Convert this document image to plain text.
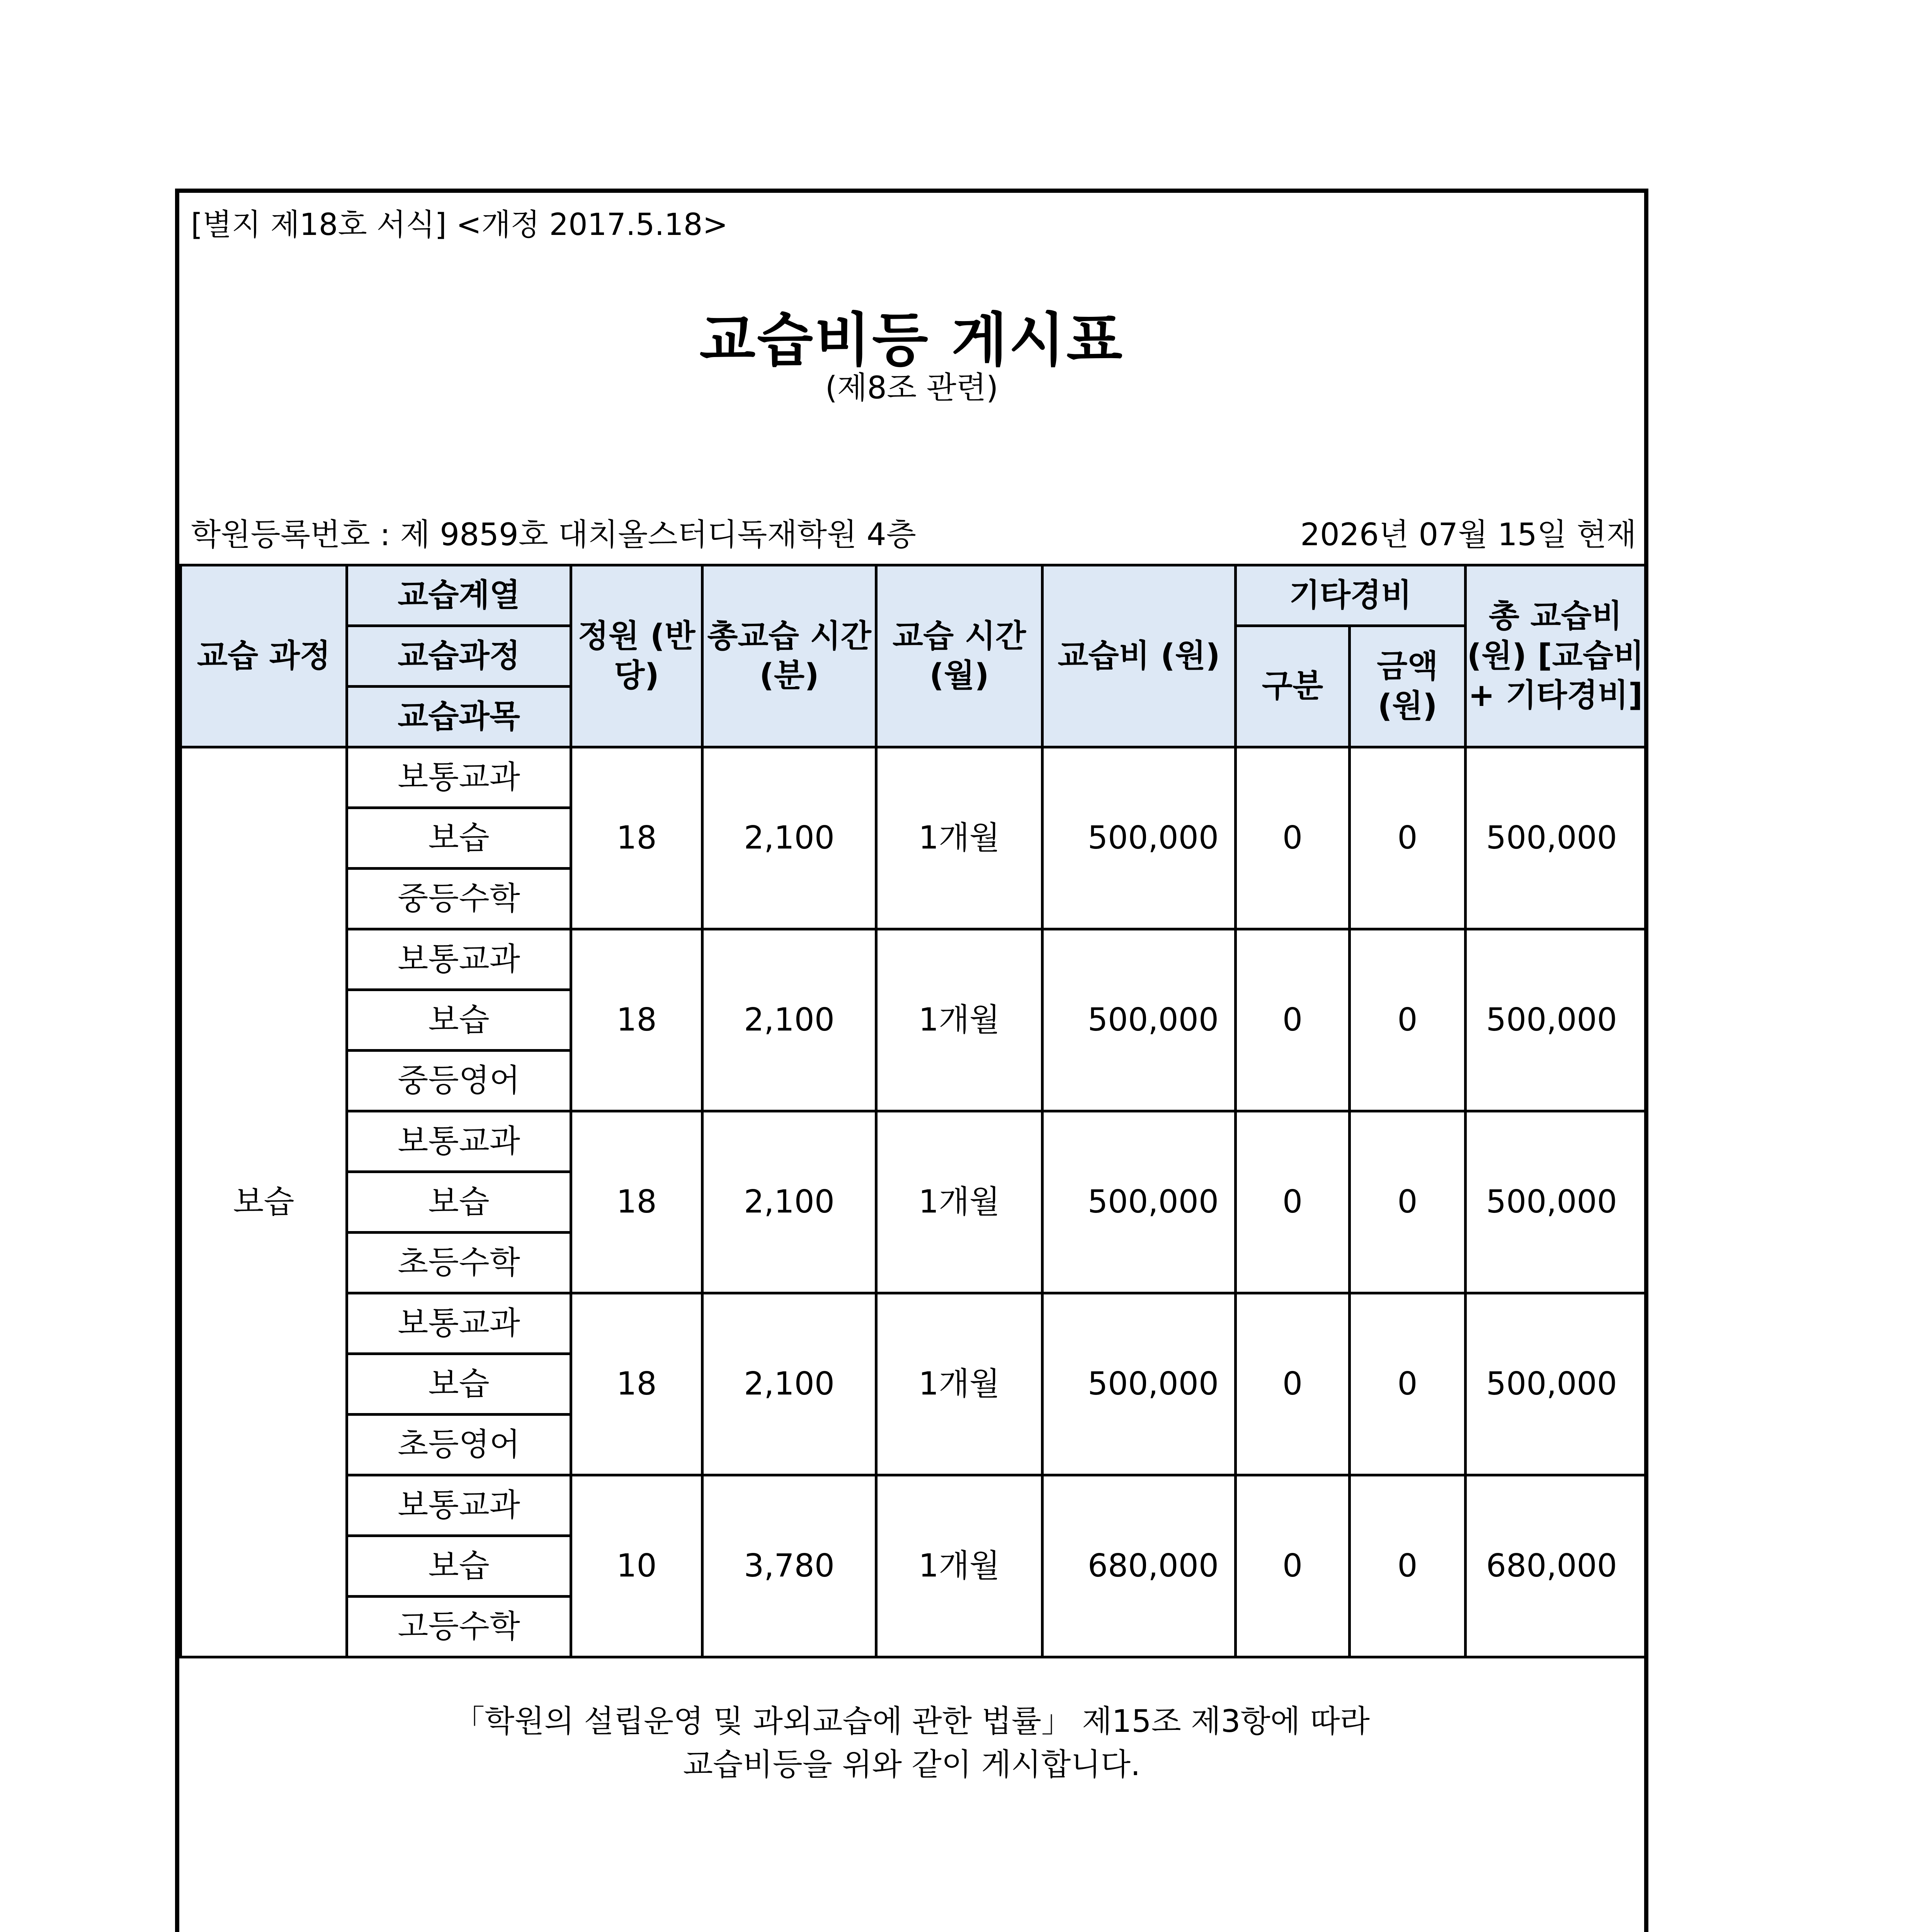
[별지 제18호 서식] <개정 2017.5.18>
교습비등 게시표
(제8조 관련)
학원등록번호 : 제 9859호 대치올스터디독재학원 4층	2026년 07월 15일 현재
교습 과정	교습계열	정원 (반당)	총교습 시간(분)	교습 시간 (월)	교습비 (원)	기타경비		총 교습비 (원) [교습비+ 기타경비]
	교습과정					구분	금액 (원)	
	교습과목							
보습	보통교과	18	2,100	1개월	500,000	0	0	500,000
	보습							
	중등수학							
	보통교과	18	2,100	1개월	500,000	0	0	500,000
	보습							
	중등영어							
	보통교과	18	2,100	1개월	500,000	0	0	500,000
	보습							
	초등수학							
	보통교과	18	2,100	1개월	500,000	0	0	500,000
	보습							
	초등영어							
	보통교과	10	3,780	1개월	680,000	0	0	680,000
	보습							
	고등수학							
「학원의 설립운영 및 과외교습에 관한 법률」 제15조 제3항에 따라
교습비등을 위와 같이 게시합니다.
